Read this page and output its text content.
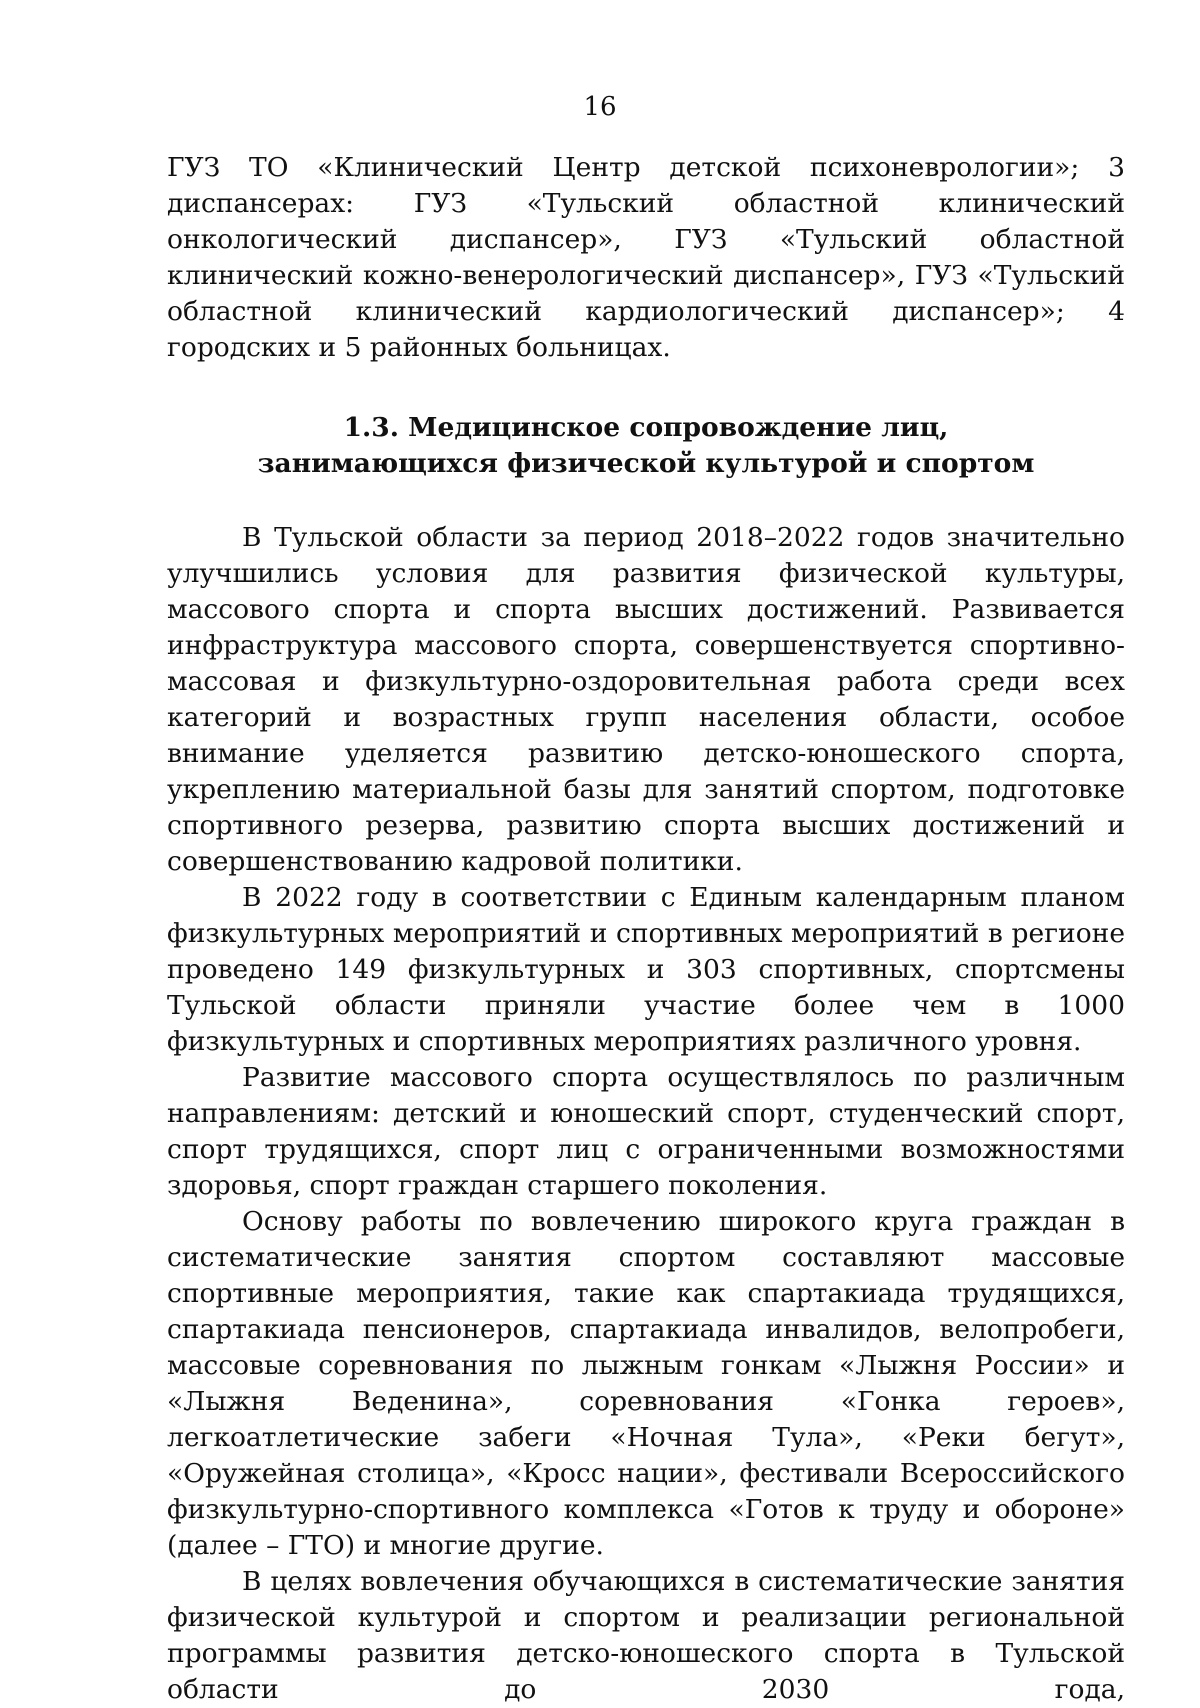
16

ГУЗ ТО «Клинический Центр детской психоневрологии»; 3 диспансерах: ГУЗ «Тульский областной клинический онкологический диспансер», ГУЗ «Тульский областной клинический кожно-венерологический диспансер», ГУЗ «Тульский областной клинический кардиологический диспансер»; 4 городских и 5 районных больницах.

1.3. Медицинское сопровождение лиц,
занимающихся физической культурой и спортом

В Тульской области за период 2018–2022 годов значительно улучшились условия для развития физической культуры, массового спорта и спорта высших достижений. Развивается инфраструктура массового спорта, совершенствуется спортивно-массовая и физкультурно-оздоровительная работа среди всех категорий и возрастных групп населения области, особое внимание уделяется развитию детско-юношеского спорта, укреплению материальной базы для занятий спортом, подготовке спортивного резерва, развитию спорта высших достижений и совершенствованию кадровой политики.

В 2022 году в соответствии с Единым календарным планом физкультурных мероприятий и спортивных мероприятий в регионе проведено 149 физкультурных и 303 спортивных, спортсмены Тульской области приняли участие более чем в 1000 физкультурных и спортивных мероприятиях различного уровня.

Развитие массового спорта осуществлялось по различным направлениям: детский и юношеский спорт, студенческий спорт, спорт трудящихся, спорт лиц с ограниченными возможностями здоровья, спорт граждан старшего поколения.

Основу работы по вовлечению широкого круга граждан в систематические занятия спортом составляют массовые спортивные мероприятия, такие как спартакиада трудящихся, спартакиада пенсионеров, спартакиада инвалидов, велопробеги, массовые соревнования по лыжным гонкам «Лыжня России» и «Лыжня Веденина», соревнования «Гонка героев», легкоатлетические забеги «Ночная Тула», «Реки бегут», «Оружейная столица», «Кросс нации», фестивали Всероссийского физкультурно-спортивного комплекса «Готов к труду и обороне» (далее – ГТО) и многие другие.

В целях вовлечения обучающихся в систематические занятия физической культурой и спортом и реализации региональной программы развития детско-юношеского спорта в Тульской области до 2030 года,
